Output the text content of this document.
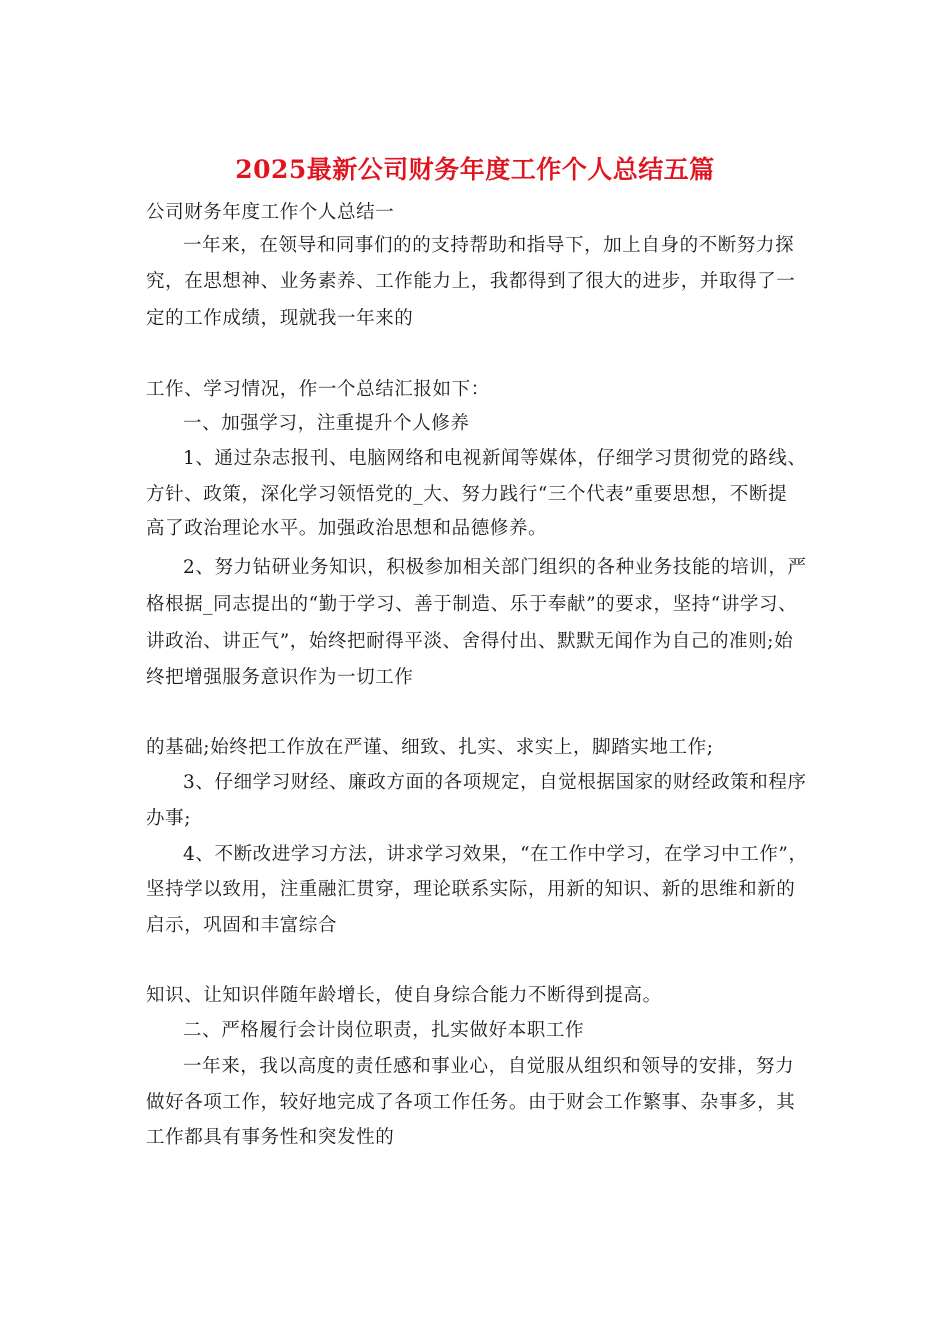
2025最新公司财务年度工作个人总结五篇
公司财务年度工作个人总结一
一年来，在领导和同事们的的支持帮助和指导下，加上自身的不断努力探
究，在思想神、业务素养、工作能力上，我都得到了很大的进步，并取得了一
定的工作成绩，现就我一年来的
工作、学习情况，作一个总结汇报如下：
一、加强学习，注重提升个人修养
1、通过杂志报刊、电脑网络和电视新闻等媒体，仔细学习贯彻党的路线、
方针、政策，深化学习领悟党的_大、努力践行“三个代表”重要思想，不断提
高了政治理论水平。加强政治思想和品德修养。
2、努力钻研业务知识，积极参加相关部门组织的各种业务技能的培训，严
格根据_同志提出的“勤于学习、善于制造、乐于奉献”的要求，坚持“讲学习、
讲政治、讲正气”，始终把耐得平淡、舍得付出、默默无闻作为自己的准则;始
终把增强服务意识作为一切工作
的基础;始终把工作放在严谨、细致、扎实、求实上，脚踏实地工作;
3、仔细学习财经、廉政方面的各项规定，自觉根据国家的财经政策和程序
办事;
4、不断改进学习方法，讲求学习效果，“在工作中学习，在学习中工作”，
坚持学以致用，注重融汇贯穿，理论联系实际，用新的知识、新的思维和新的
启示，巩固和丰富综合
知识、让知识伴随年龄增长，使自身综合能力不断得到提高。
二、严格履行会计岗位职责，扎实做好本职工作
一年来，我以高度的责任感和事业心，自觉服从组织和领导的安排，努力
做好各项工作，较好地完成了各项工作任务。由于财会工作繁事、杂事多，其
工作都具有事务性和突发性的
